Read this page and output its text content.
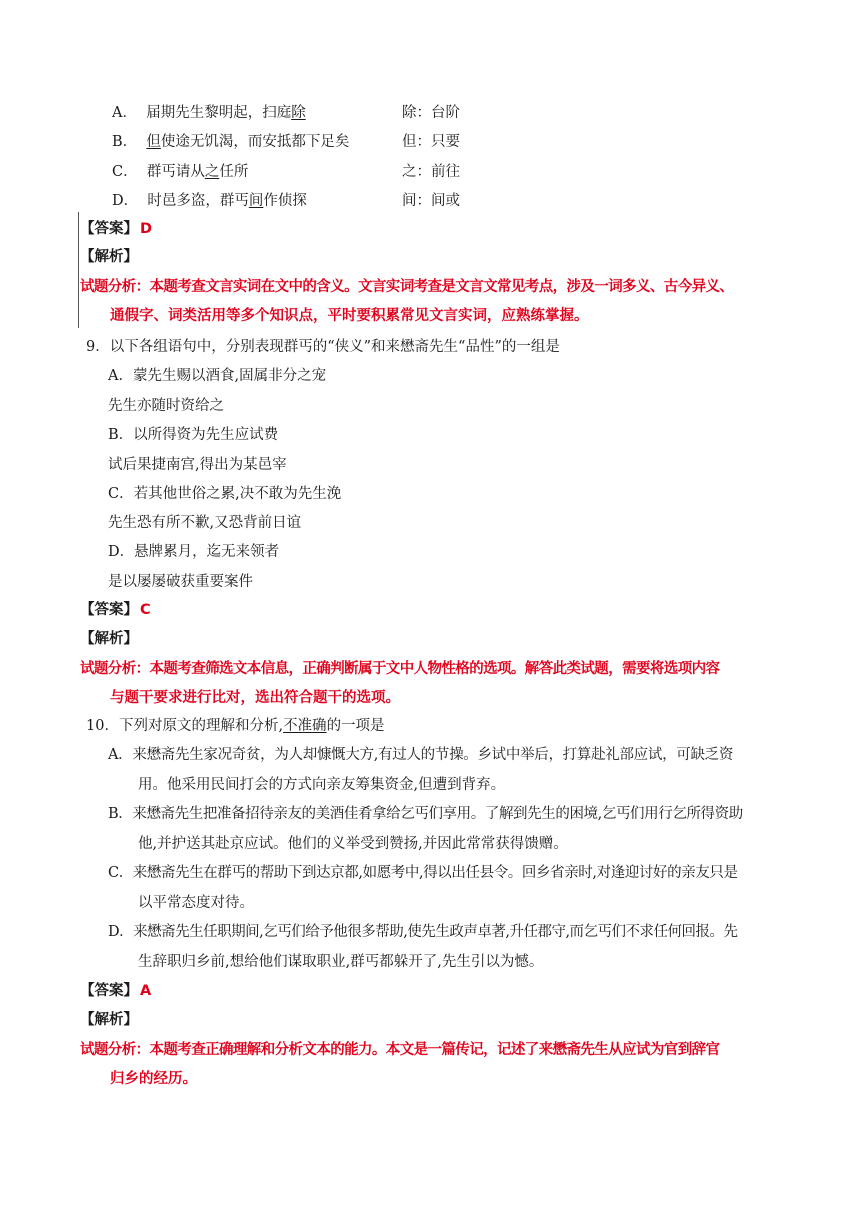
A． 届期先生黎明起，扫庭除	除：台阶
B． 但使途无饥渴，而安抵都下足矣	但：只要
C． 群丐请从之任所	之：前往
D． 时邑多盗，群丐间作侦探	间：间或
【答案】 D
【解析】
试题分析：本题考查文言实词在文中的含义。文言实词考查是文言文常见考点，涉及一词多义、古今异义、
通假字、词类活用等多个知识点，平时要积累常见文言实词，应熟练掌握。
9．以下各组语句中，分别表现群丐的“侠义”和来懋斋先生“品性”的一组是
A．蒙先生赐以酒食,固属非分之宠
先生亦随时资给之
B．以所得资为先生应试费
试后果捷南宫,得出为某邑宰
C．若其他世俗之累,决不敢为先生浼
先生恐有所不歉,又恐背前日谊
D．悬牌累月，迄无来领者
是以屡屡破获重要案件
【答案】 C
【解析】
试题分析：本题考查筛选文本信息，正确判断属于文中人物性格的选项。解答此类试题，需要将选项内容
与题干要求进行比对，选出符合题干的选项。
10．下列对原文的理解和分析,不准确的一项是
A．来懋斋先生家况奇贫，为人却慷慨大方,有过人的节操。乡试中举后，打算赴礼部应试，可缺乏资
用。他采用民间打会的方式向亲友筹集资金,但遭到背弃。
B．来懋斋先生把准备招待亲友的美酒佳肴拿给乞丐们享用。了解到先生的困境,乞丐们用行乞所得资助
他,并护送其赴京应试。他们的义举受到赞扬,并因此常常获得馈赠。
C．来懋斋先生在群丐的帮助下到达京都,如愿考中,得以出任县令。回乡省亲时,对逢迎讨好的亲友只是
以平常态度对待。
D．来懋斋先生任职期间,乞丐们给予他很多帮助,使先生政声卓著,升任郡守,而乞丐们不求任何回报。先
生辞职归乡前,想给他们谋取职业,群丐都躲开了,先生引以为憾。
【答案】 A
【解析】
试题分析：本题考查正确理解和分析文本的能力。本文是一篇传记，记述了来懋斋先生从应试为官到辞官
归乡的经历。
